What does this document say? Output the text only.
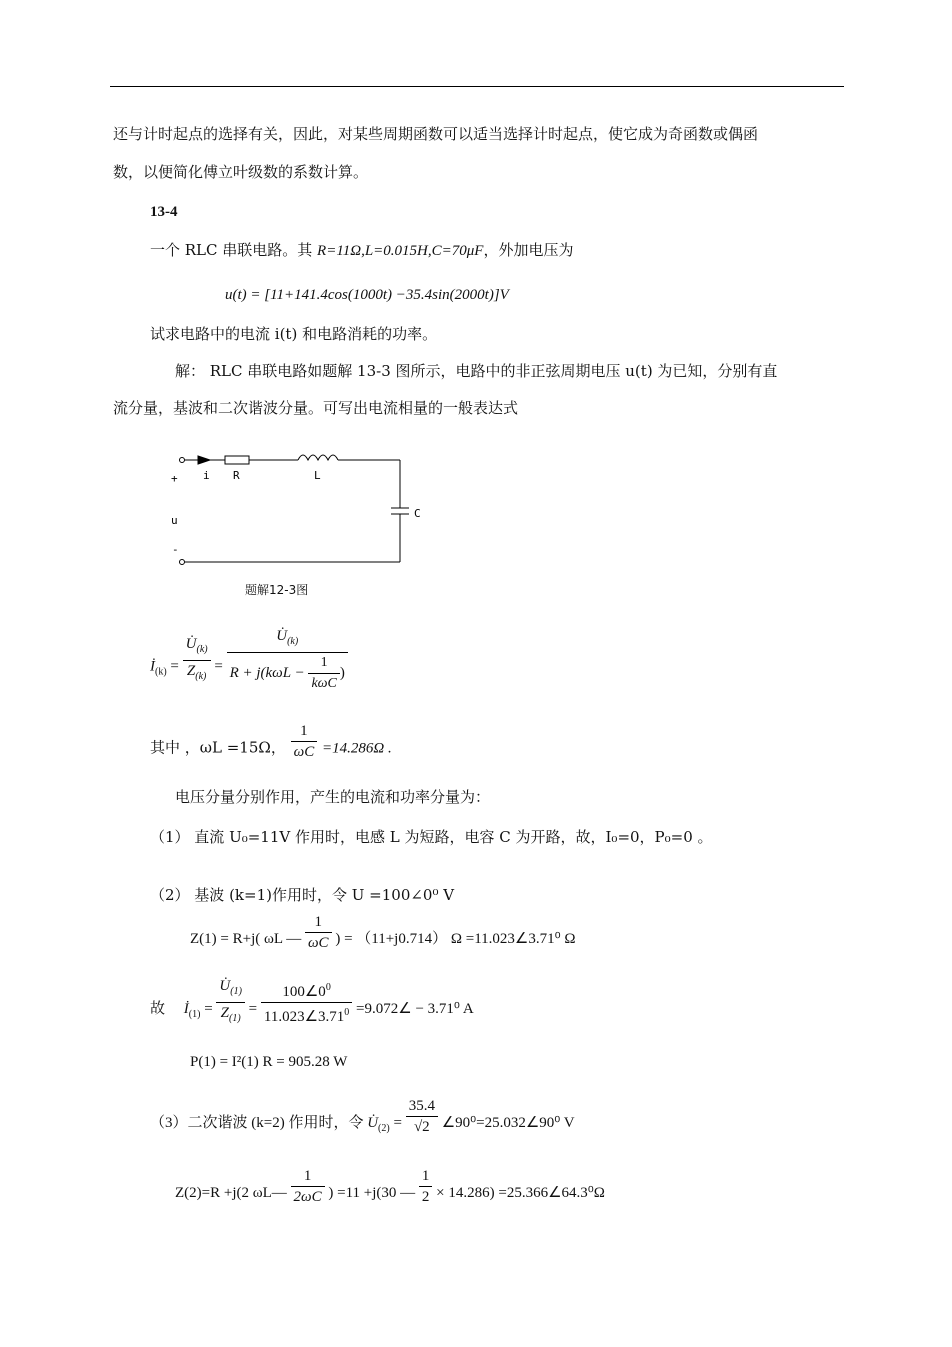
还与计时起点的选择有关，因此，对某些周期函数可以适当选择计时起点，使它成为奇函数或偶函
数，以便简化傅立叶级数的系数计算。
13-4
一个 RLC 串联电路。其 R=11Ω,L=0.015H,C=70μF，外加电压为
u(t) = [11+141.4cos(1000t) −35.4sin(2000t)]V
试求电路中的电流 i(t) 和电路消耗的功率。
解： RLC 串联电路如题解 13-3 图所示，电路中的非正弦周期电压 u(t) 为已知，分别有直
流分量，基波和二次谐波分量。可写出电流相量的一般表达式
+ i R	L
C
u
-
题解12-3图
$İ_{(k)} = \frac{U̇_{(k)}}{Z_{(k)}} = \frac{U̇_{(k)}}{R + j(k\omega L - \frac{1}{\text{kωC}} )}$
其中 ，ωL =15Ω， $\frac{1}{\omega C} =14.286\Omega$ .
电压分量分别作用，产生的电流和功率分量为：
（1） 直流 U₀=11V 作用时，电感 L 为短路，电容 C 为开路，故，I₀=0，P₀=0 。
（2） 基波 (k=1)作用时，令 U =100∠0⁰ V
Z(1) = R+j( ωL — $\frac{1}{\omega C}$ ) = （11+j0.714） Ω =11.023∠3.71⁰ Ω
故 $İ_{(1)} = \frac{U̇_{(1)}}{Z_{(1)}} = \frac{100\angle 0^0}{11.023\angle 3.71^0}$ =9.072∠ − 3.71⁰ A
P(1) = I²(1) R = 905.28 W
（3）二次谐波 (k=2) 作用时，令 $U̇_{(2)} = \frac{35.4}{√2}$ ∠90⁰=25.032∠90⁰ V
Z(2)=R +j(2 ωL— $\frac{1}{2\omega C}$ ) =11 +j(30 — $\frac{1}{2} \times 14.286$) =25.366∠64.3⁰Ω
